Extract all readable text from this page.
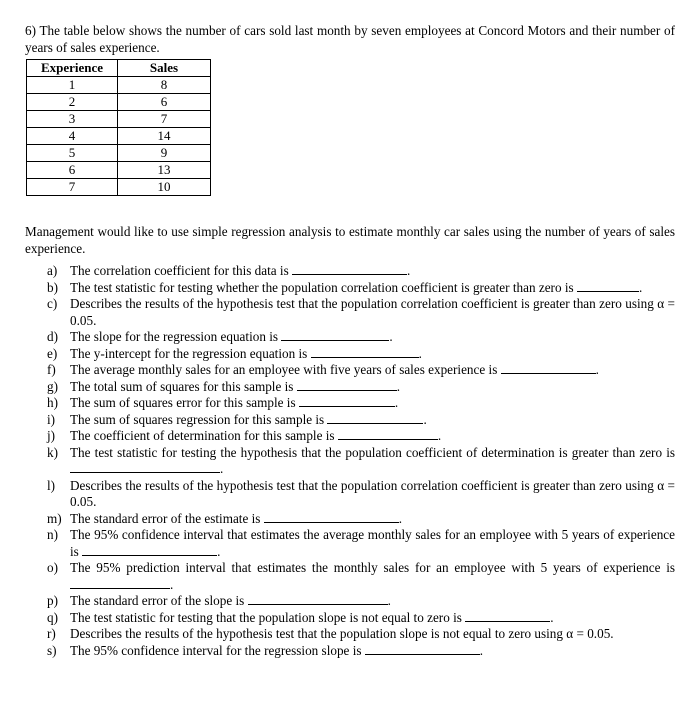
6) The table below shows the number of cars sold last month by seven employees at Concord Motors and their number of years of sales experience.

Experience	Sales
1	8
2	6
3	7
4	14
5	9
6	13
7	10

Management would like to use simple regression analysis to estimate monthly car sales using the number of years of sales experience.

a) The correlation coefficient for this data is	.
b) The test statistic for testing whether the population correlation coefficient is greater than zero is	.
c) Describes the results of the hypothesis test that the population correlation coefficient is greater than zero using α = 0.05.
d) The slope for the regression equation is	.
e) The y-intercept for the regression equation is	.
f) The average monthly sales for an employee with five years of sales experience is	.
g) The total sum of squares for this sample is	.
h) The sum of squares error for this sample is	.
i) The sum of squares regression for this sample is	.
j) The coefficient of determination for this sample is	.
k) The test statistic for testing the hypothesis that the population coefficient of determination is greater than zero is .
l) Describes the results of the hypothesis test that the population correlation coefficient is greater than zero using α = 0.05.
m) The standard error of the estimate is	.
n) The 95% confidence interval that estimates the average monthly sales for an employee with 5 years of experience is	.
o) The 95% prediction interval that estimates the monthly sales for an employee with 5 years of experience is .
p) The standard error of the slope is	.
q) The test statistic for testing that the population slope is not equal to zero is	.
r) Describes the results of the hypothesis test that the population slope is not equal to zero using α = 0.05.
s) The 95% confidence interval for the regression slope is	.
